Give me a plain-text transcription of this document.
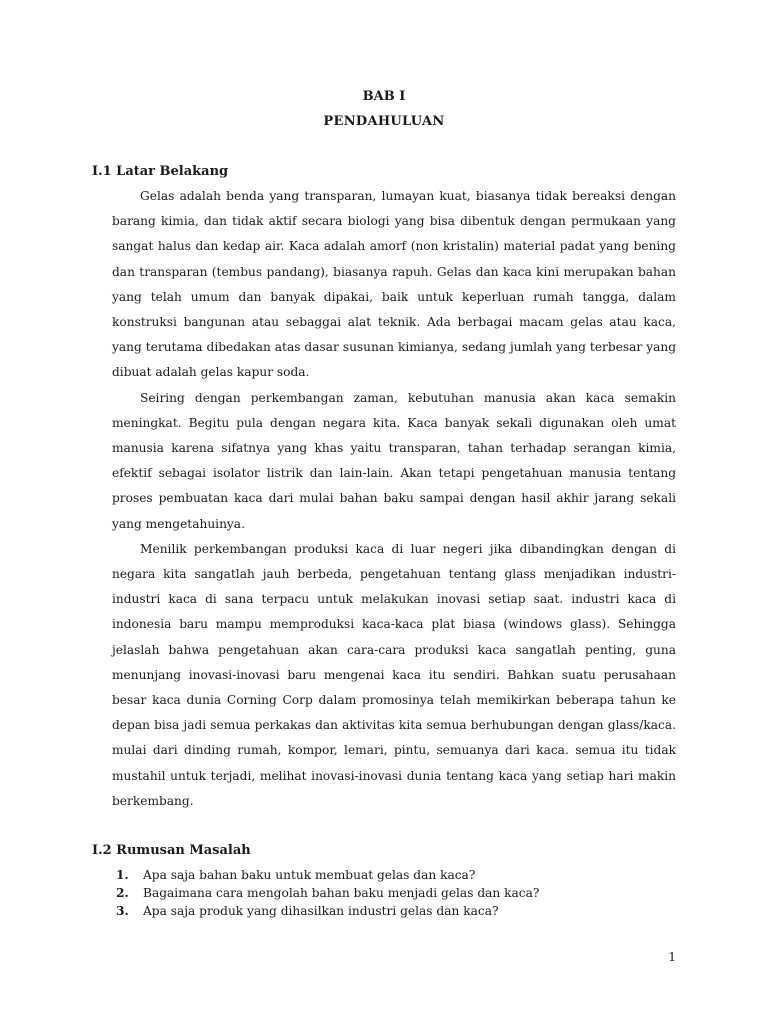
BAB I
PENDAHULUAN
I.1 Latar Belakang

Gelas adalah benda yang transparan, lumayan kuat, biasanya tidak bereaksi dengan barang kimia, dan tidak aktif secara biologi yang bisa dibentuk dengan permukaan yang sangat halus dan kedap air. Kaca adalah amorf (non kristalin) material padat yang bening dan transparan (tembus pandang), biasanya rapuh. Gelas dan kaca kini merupakan bahan yang telah umum dan banyak dipakai, baik untuk keperluan rumah tangga, dalam konstruksi bangunan atau sebaggai alat teknik. Ada berbagai macam gelas atau kaca, yang terutama dibedakan atas dasar susunan kimianya, sedang jumlah yang terbesar yang dibuat adalah gelas kapur soda.

Seiring dengan perkembangan zaman, kebutuhan manusia akan kaca semakin meningkat. Begitu pula dengan negara kita. Kaca banyak sekali digunakan oleh umat manusia karena sifatnya yang khas yaitu transparan, tahan terhadap serangan kimia, efektif sebagai isolator listrik dan lain-lain. Akan tetapi pengetahuan manusia tentang proses pembuatan kaca dari mulai bahan baku sampai dengan hasil akhir jarang sekali yang mengetahuinya.

Menilik perkembangan produksi kaca di luar negeri jika dibandingkan dengan di negara kita sangatlah jauh berbeda, pengetahuan tentang glass menjadikan industri-industri kaca di sana terpacu untuk melakukan inovasi setiap saat. industri kaca di indonesia baru mampu memproduksi kaca-kaca plat biasa (windows glass). Sehingga jelaslah bahwa pengetahuan akan cara-cara produksi kaca sangatlah penting, guna menunjang inovasi-inovasi baru mengenai kaca itu sendiri. Bahkan suatu perusahaan besar kaca dunia Corning Corp dalam promosinya telah memikirkan beberapa tahun ke depan bisa jadi semua perkakas dan aktivitas kita semua berhubungan dengan glass/kaca. mulai dari dinding rumah, kompor, lemari, pintu, semuanya dari kaca. semua itu tidak mustahil untuk terjadi, melihat inovasi-inovasi dunia tentang kaca yang setiap hari makin berkembang.

I.2 Rumusan Masalah
1.	Apa saja bahan baku untuk membuat gelas dan kaca?
2.	Bagaimana cara mengolah bahan baku menjadi gelas dan kaca?
3.	Apa saja produk yang dihasilkan industri gelas dan kaca?
1
